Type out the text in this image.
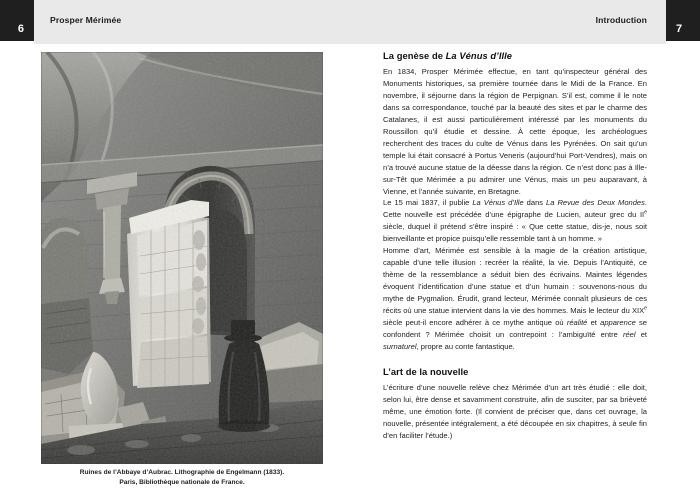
Prosper Mérimée	Introduction
6	7
Ruines de l’Abbaye d’Aubrac. Lithographie de Engelmann (1833).
Paris, Bibliothèque nationale de France.
La genèse de La Vénus d’Ille

En 1834, Prosper Mérimée effectue, en tant qu’inspecteur général des Monuments historiques, sa première tournée dans le Midi de la France. En novembre, il séjourne dans la région de Perpignan. S’il est, comme il le note dans sa correspondance, touché par la beauté des sites et par le charme des Catalanes, il est aussi particulièrement intéressé par les monuments du Roussillon qu’il étudie et dessine. À cette époque, les archéologues recherchent des traces du culte de Vénus dans les Pyrénées. On sait qu’un temple lui était consacré à Portus Veneris (aujourd’hui Port-Vendres), mais on n’a trouvé aucune statue de la déesse dans la région. Ce n’est donc pas à Ille-sur-Têt que Mérimée a pu admirer une Vénus, mais un peu auparavant, à Vienne, et l’année suivante, en Bretagne.

Le 15 mai 1837, il publie La Vénus d’Ille dans La Revue des Deux Mondes. Cette nouvelle est précédée d’une épigraphe de Lucien, auteur grec du IIe siècle, duquel il prétend s’être inspiré : « Que cette statue, dis-je, nous soit bienveillante et propice puisqu’elle ressemble tant à un homme. »

Homme d’art, Mérimée est sensible à la magie de la création artistique, capable d’une telle illusion : recréer la réalité, la vie. Depuis l’Antiquité, ce thème de la ressemblance a séduit bien des écrivains. Maintes légendes évoquent l’identification d’une statue et d’un humain : souvenons-nous du mythe de Pygmalion. Érudit, grand lecteur, Mérimée connaît plusieurs de ces récits où une statue intervient dans la vie des hommes. Mais le lecteur du XIXe siècle peut-il encore adhérer à ce mythe antique où réalité et apparence se confondent ? Mérimée choisit un contrepoint : l’ambiguïté entre réel et surnaturel, propre au conte fantastique.

L’art de la nouvelle

L’écriture d’une nouvelle relève chez Mérimée d’un art très étudié : elle doit, selon lui, être dense et savamment construite, afin de susciter, par sa brièveté même, une émotion forte. (Il convient de préciser que, dans cet ouvrage, la nouvelle, présentée intégralement, a été découpée en six chapitres, à seule fin d’en faciliter l’étude.)
